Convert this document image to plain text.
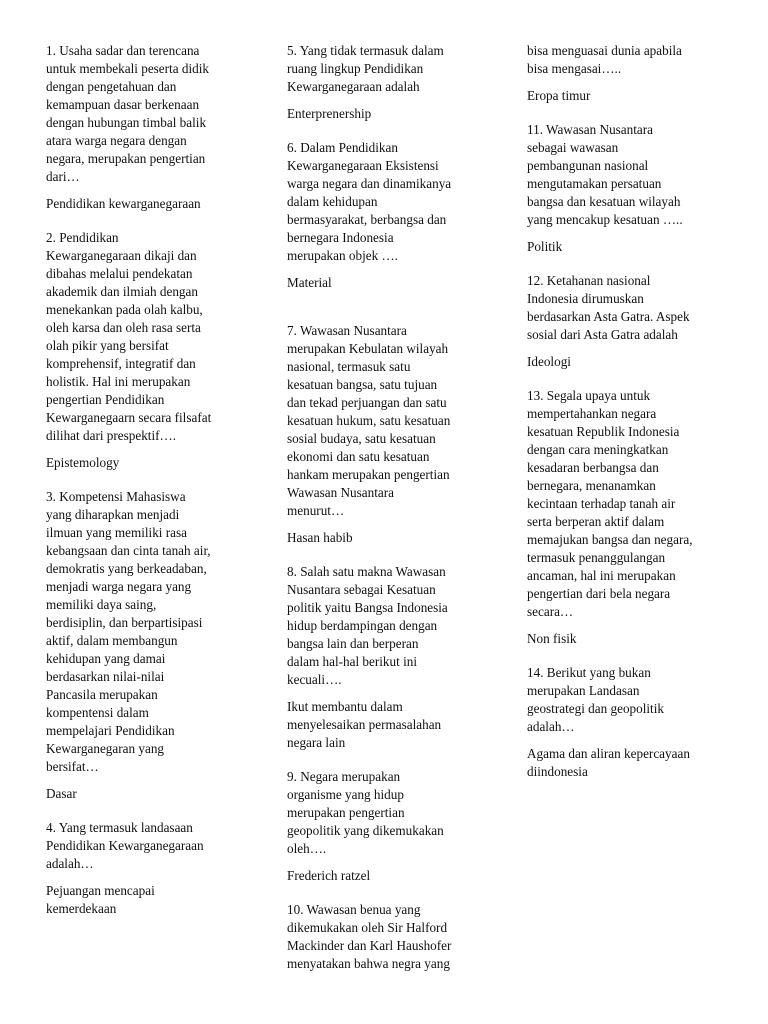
1. Usaha sadar dan terencana
untuk membekali peserta didik
dengan pengetahuan dan
kemampuan dasar berkenaan
dengan hubungan timbal balik
atara warga negara dengan
negara, merupakan pengertian
dari…

Pendidikan kewarganegaraan

2. Pendidikan
Kewarganegaraan dikaji dan
dibahas melalui pendekatan
akademik dan ilmiah dengan
menekankan pada olah kalbu,
oleh karsa dan oleh rasa serta
olah pikir yang bersifat
komprehensif, integratif dan
holistik. Hal ini merupakan
pengertian Pendidikan
Kewarganegaarn secara filsafat
dilihat dari prespektif….

Epistemology

3. Kompetensi Mahasiswa
yang diharapkan menjadi
ilmuan yang memiliki rasa
kebangsaan dan cinta tanah air,
demokratis yang berkeadaban,
menjadi warga negara yang
memiliki daya saing,
berdisiplin, dan berpartisipasi
aktif, dalam membangun
kehidupan yang damai
berdasarkan nilai-nilai
Pancasila merupakan
kompentensi dalam
mempelajari Pendidikan
Kewarganegaran yang
bersifat…

Dasar

4. Yang termasuk landasaan
Pendidikan Kewarganegaraan
adalah…

Pejuangan mencapai
kemerdekaan

5. Yang tidak termasuk dalam
ruang lingkup Pendidikan
Kewarganegaraan adalah

Enterprenership

6. Dalam Pendidikan
Kewarganegaraan Eksistensi
warga negara dan dinamikanya
dalam kehidupan
bermasyarakat, berbangsa dan
bernegara Indonesia
merupakan objek ….

Material

7. Wawasan Nusantara
merupakan Kebulatan wilayah
nasional, termasuk satu
kesatuan bangsa, satu tujuan
dan tekad perjuangan dan satu
kesatuan hukum, satu kesatuan
sosial budaya, satu kesatuan
ekonomi dan satu kesatuan
hankam merupakan pengertian
Wawasan Nusantara
menurut…

Hasan habib

8. Salah satu makna Wawasan
Nusantara sebagai Kesatuan
politik yaitu Bangsa Indonesia
hidup berdampingan dengan
bangsa lain dan berperan
dalam hal-hal berikut ini
kecuali….

Ikut membantu dalam
menyelesaikan permasalahan
negara lain

9. Negara merupakan
organisme yang hidup
merupakan pengertian
geopolitik yang dikemukakan
oleh….

Frederich ratzel

10. Wawasan benua yang
dikemukakan oleh Sir Halford
Mackinder dan Karl Haushofer
menyatakan bahwa negra yang

bisa menguasai dunia apabila
bisa mengasai…..

Eropa timur

11. Wawasan Nusantara
sebagai wawasan
pembangunan nasional
mengutamakan persatuan
bangsa dan kesatuan wilayah
yang mencakup kesatuan …..

Politik

12. Ketahanan nasional
Indonesia dirumuskan
berdasarkan Asta Gatra. Aspek
sosial dari Asta Gatra adalah

Ideologi

13. Segala upaya untuk
mempertahankan negara
kesatuan Republik Indonesia
dengan cara meningkatkan
kesadaran berbangsa dan
bernegara, menanamkan
kecintaan terhadap tanah air
serta berperan aktif dalam
memajukan bangsa dan negara,
termasuk penanggulangan
ancaman, hal ini merupakan
pengertian dari bela negara
secara…

Non fisik

14. Berikut yang bukan
merupakan Landasan
geostrategi dan geopolitik
adalah…

Agama dan aliran kepercayaan
diindonesia
